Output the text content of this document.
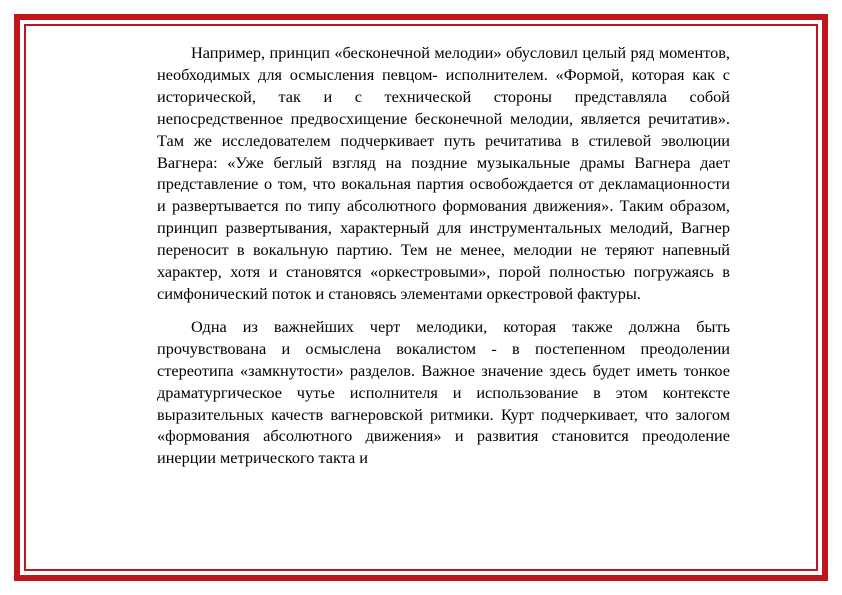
Например, принцип «бесконечной мелодии» обусловил целый ряд моментов, необходимых для осмысления певцом- исполнителем. «Формой, которая как с исторической, так и с технической стороны представляла собой непосредственное предвосхищение бесконечной мелодии, является речитатив». Там же исследователем подчеркивает путь речитатива в стилевой эволюции Вагнера: «Уже беглый взгляд на поздние музыкальные драмы Вагнера дает представление о том, что вокальная партия освобождается от декламационности и развертывается по типу абсолютного формования движения». Таким образом, принцип развертывания, характерный для инструментальных мелодий, Вагнер переносит в вокальную партию. Тем не менее, мелодии не теряют напевный характер, хотя и становятся «оркестровыми», порой полностью погружаясь в симфонический поток и становясь элементами оркестровой фактуры.

Одна из важнейших черт мелодики, которая также должна быть прочувствована и осмыслена вокалистом - в постепенном преодолении стереотипа «замкнутости» разделов. Важное значение здесь будет иметь тонкое драматургическое чутье исполнителя и использование в этом контексте выразительных качеств вагнеровской ритмики. Курт подчеркивает, что залогом «формования абсолютного движения» и развития становится преодоление инерции метрического такта и
